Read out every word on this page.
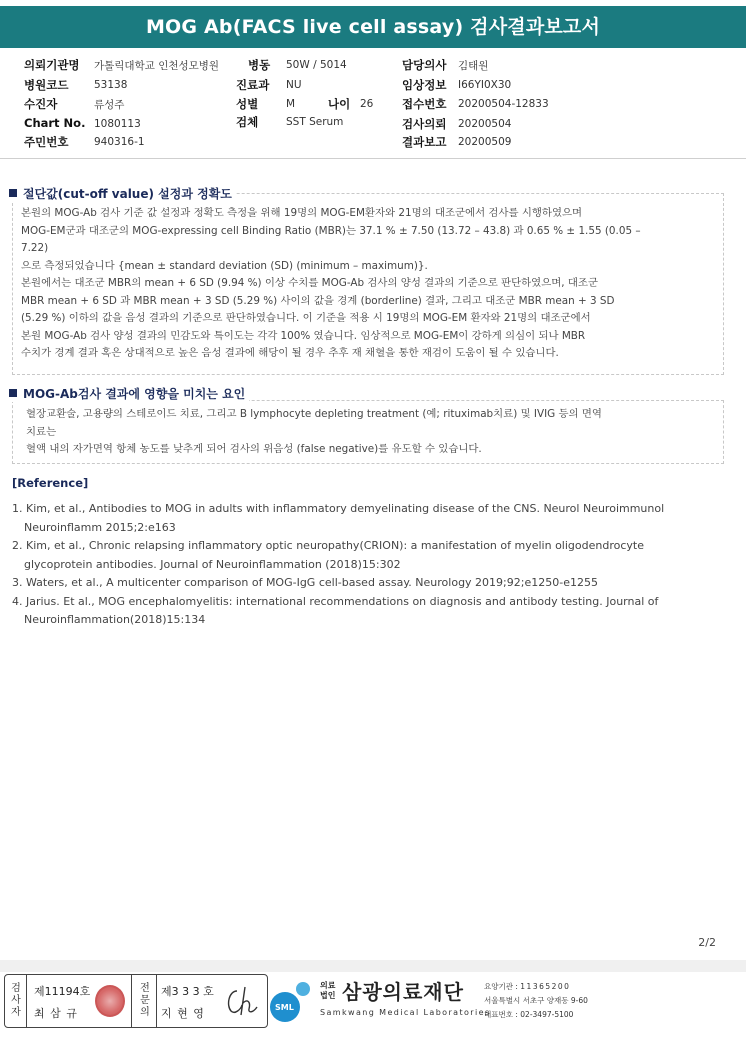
MOG Ab(FACS live cell assay) 검사결과보고서
의뢰기관명 가톨릭대학교 인천성모병원	병동 50W / 5014	담당의사 김태원
병원코드 53138	진료과 NU	임상정보 I66YI0X30
수진자	류성주	성별	M	나이 26 접수번호 20200504-12833
Chart No. 1080113	검체	SST Serum	검사의뢰 20200504
주민번호 940316-1	결과보고 20200509
절단값(cut-off value) 설정과 정확도

본원의 MOG-Ab 검사 기준 값 설정과 정확도 측정을 위해 19명의 MOG-EM환자와 21명의 대조군에서 검사를 시행하였으며

MOG-EM군과 대조군의 MOG-expressing cell Binding Ratio (MBR)는 37.1 % ± 7.50 (13.72 – 43.8) 과 0.65 % ± 1.55 (0.05 –

7.22)

으로 측정되었습니다 {mean ± standard deviation (SD) (minimum – maximum)}.

본원에서는 대조군 MBR의 mean + 6 SD (9.94 %) 이상 수치를 MOG-Ab 검사의 양성 결과의 기준으로 판단하였으며, 대조군

MBR mean + 6 SD 과 MBR mean + 3 SD (5.29 %) 사이의 값을 경계 (borderline) 결과, 그리고 대조군 MBR mean + 3 SD

(5.29 %) 이하의 값을 음성 결과의 기준으로 판단하였습니다. 이 기준을 적용 시 19명의 MOG-EM 환자와 21명의 대조군에서

본원 MOG-Ab 검사 양성 결과의 민감도와 특이도는 각각 100% 였습니다. 임상적으로 MOG-EM이 강하게 의심이 되나 MBR

수치가 경계 결과 혹은 상대적으로 높은 음성 결과에 해당이 될 경우 추후 재 채혈을 통한 재검이 도움이 될 수 있습니다.

MOG-Ab검사 결과에 영향을 미치는 요인

혈장교환술, 고용량의 스테로이드 치료, 그리고 B lymphocyte depleting treatment (예; rituximab치료) 및 IVIG 등의 면역

치료는

혈액 내의 자가면역 항체 농도를 낮추게 되어 검사의 위음성 (false negative)를 유도할 수 있습니다.

[Reference]

1. Kim, et al., Antibodies to MOG in adults with inflammatory demyelinating disease of the CNS. Neurol Neuroimmunol

Neuroinflamm 2015;2:e163

2. Kim, et al., Chronic relapsing inflammatory optic neuropathy(CRION): a manifestation of myelin oligodendrocyte

glycoprotein antibodies. Journal of Neuroinflammation (2018)15:302

3. Waters, et al., A multicenter comparison of MOG-IgG cell-based assay. Neurology 2019;92;e1250-e1255

4. Jarius. Et al., MOG encephalomyelitis: international recommendations on diagnosis and antibody testing. Journal of

Neuroinflammation(2018)15:134

2/2
검
사
자
제11194호
최 삼 규
전
문
의
제3 3 3 호
지 현 영	SML
의료
법인 삼광의료재단
Samkwang Medical Laboratories
요양기관 : 11365200
서울특별시 서초구 양재동 9-60
대표번호 : 02-3497-5100
